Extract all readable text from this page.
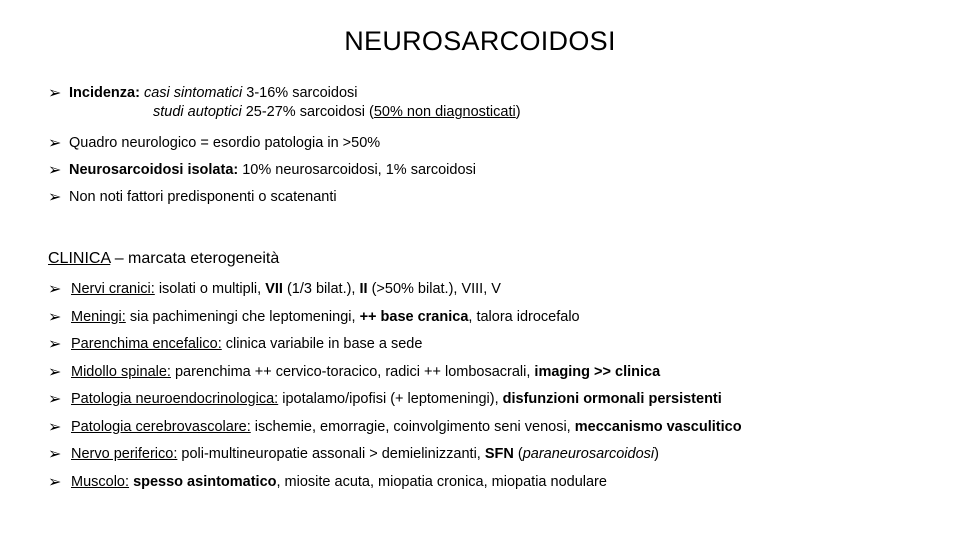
NEUROSARCOIDOSI
➢ Incidenza: casi sintomatici 3-16% sarcoidosi
studi autoptici 25-27% sarcoidosi (50% non diagnosticati)
➢ Quadro neurologico = esordio patologia in >50%
➢ Neurosarcoidosi isolata: 10% neurosarcoidosi, 1% sarcoidosi
➢ Non noti fattori predisponenti o scatenanti
CLINICA – marcata eterogeneità
➢ Nervi cranici: isolati o multipli, VII (1/3 bilat.), II (>50% bilat.), VIII, V
➢ Meningi: sia pachimeningi che leptomeningi, ++ base cranica, talora idrocefalo
➢ Parenchima encefalico: clinica variabile in base a sede
➢ Midollo spinale: parenchima ++ cervico-toracico, radici ++ lombosacrali, imaging >> clinica
➢ Patologia neuroendocrinologica: ipotalamo/ipofisi (+ leptomeningi), disfunzioni ormonali persistenti
➢ Patologia cerebrovascolare: ischemie, emorragie, coinvolgimento seni venosi, meccanismo vasculitico
➢ Nervo periferico: poli-multineuropatie assonali > demielinizzanti, SFN (paraneurosarcoidosi)
➢ Muscolo: spesso asintomatico, miosite acuta, miopatia cronica, miopatia nodulare
